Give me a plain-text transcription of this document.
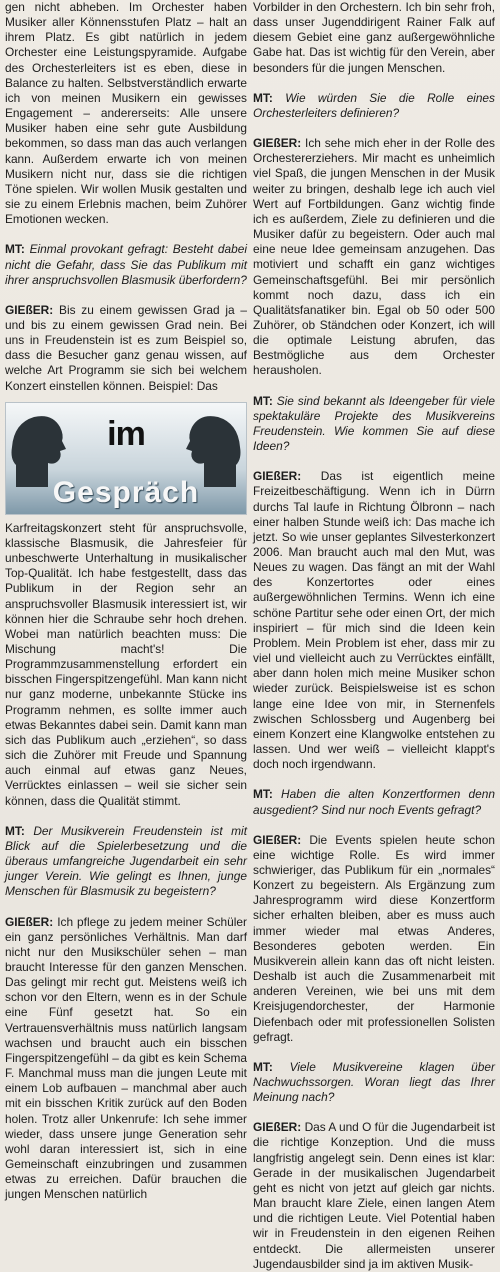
gen nicht abheben. Im Orchester haben Musiker aller Könnensstufen Platz – halt an ihrem Platz. Es gibt natürlich in jedem Orchester eine Leistungspyramide. Aufgabe des Orchesterleiters ist es eben, diese in Balance zu halten. Selbstverständlich erwarte ich von meinen Musikern ein gewisses Engagement – andererseits: Alle unsere Musiker haben eine sehr gute Ausbildung bekommen, so dass man das auch verlangen kann. Außerdem erwarte ich von meinen Musikern nicht nur, dass sie die richtigen Töne spielen. Wir wollen Musik gestalten und sie zu einem Erlebnis machen, beim Zuhörer Emotionen wecken.

MT: Einmal provokant gefragt: Besteht dabei nicht die Gefahr, dass Sie das Publikum mit ihrer anspruchsvollen Blasmusik überfordern?

GIEßER: Bis zu einem gewissen Grad ja – und bis zu einem gewissen Grad nein. Bei uns in Freudenstein ist es zum Beispiel so, dass die Besucher ganz genau wissen, auf welche Art Programm sie sich bei welchem Konzert einstellen können. Beispiel: Das

im
Gespräch

Karfreitagskonzert steht für anspruchsvolle, klassische Blasmusik, die Jahresfeier für unbeschwerte Unterhaltung in musikalischer Top-Qualität. Ich habe festgestellt, dass das Publikum in der Region sehr an anspruchsvoller Blasmusik interessiert ist, wir können hier die Schraube sehr hoch drehen. Wobei man natürlich beachten muss: Die Mischung macht's! Die Programmzusammenstellung erfordert ein bisschen Fingerspitzengefühl. Man kann nicht nur ganz moderne, unbekannte Stücke ins Programm nehmen, es sollte immer auch etwas Bekanntes dabei sein. Damit kann man sich das Publikum auch „erziehen“, so dass sich die Zuhörer mit Freude und Spannung auch einmal auf etwas ganz Neues, Verrücktes einlassen – weil sie sicher sein können, dass die Qualität stimmt.

MT: Der Musikverein Freudenstein ist mit Blick auf die Spielerbesetzung und die überaus umfangreiche Jugendarbeit ein sehr junger Verein. Wie gelingt es Ihnen, junge Menschen für Blasmusik zu begeistern?

GIEßER: Ich pflege zu jedem meiner Schüler ein ganz persönliches Verhältnis. Man darf nicht nur den Musikschüler sehen – man braucht Interesse für den ganzen Menschen. Das gelingt mir recht gut. Meistens weiß ich schon vor den Eltern, wenn es in der Schule eine Fünf gesetzt hat. So ein Vertrauensverhältnis muss natürlich langsam wachsen und braucht auch ein bisschen Fingerspitzengefühl – da gibt es kein Schema F. Manchmal muss man die jungen Leute mit einem Lob aufbauen – manchmal aber auch mit ein bisschen Kritik zurück auf den Boden holen. Trotz aller Unkenrufe: Ich sehe immer wieder, dass unsere junge Generation sehr wohl daran interessiert ist, sich in eine Gemeinschaft einzubringen und zusammen etwas zu erreichen. Dafür brauchen die jungen Menschen natürlich

Vorbilder in den Orchestern. Ich bin sehr froh, dass unser Jugenddirigent Rainer Falk auf diesem Gebiet eine ganz außergewöhnliche Gabe hat. Das ist wichtig für den Verein, aber besonders für die jungen Menschen.

MT: Wie würden Sie die Rolle eines Orchesterleiters definieren?

GIEßER: Ich sehe mich eher in der Rolle des Orchestererziehers. Mir macht es unheimlich viel Spaß, die jungen Menschen in der Musik weiter zu bringen, deshalb lege ich auch viel Wert auf Fortbildungen. Ganz wichtig finde ich es außerdem, Ziele zu definieren und die Musiker dafür zu begeistern. Oder auch mal eine neue Idee gemeinsam anzugehen. Das motiviert und schafft ein ganz wichtiges Gemeinschaftsgefühl. Bei mir persönlich kommt noch dazu, dass ich ein Qualitätsfanatiker bin. Egal ob 50 oder 500 Zuhörer, ob Ständchen oder Konzert, ich will die optimale Leistung abrufen, das Bestmögliche aus dem Orchester herausholen.

MT: Sie sind bekannt als Ideengeber für viele spektakuläre Projekte des Musikvereins Freudenstein. Wie kommen Sie auf diese Ideen?

GIEßER: Das ist eigentlich meine Freizeitbeschäftigung. Wenn ich in Dürrn durchs Tal laufe in Richtung Ölbronn – nach einer halben Stunde weiß ich: Das mache ich jetzt. So wie unser geplantes Silvesterkonzert 2006. Man braucht auch mal den Mut, was Neues zu wagen. Das fängt an mit der Wahl des Konzertortes oder eines außergewöhnlichen Termins. Wenn ich eine schöne Partitur sehe oder einen Ort, der mich inspiriert – für mich sind die Ideen kein Problem. Mein Problem ist eher, dass mir zu viel und vielleicht auch zu Verrücktes einfällt, aber dann holen mich meine Musiker schon wieder zurück. Beispielsweise ist es schon lange eine Idee von mir, in Sternenfels zwischen Schlossberg und Augenberg bei einem Konzert eine Klangwolke entstehen zu lassen. Und wer weiß – vielleicht klappt's doch noch irgendwann.

MT: Haben die alten Konzertformen denn ausgedient? Sind nur noch Events gefragt?

GIEßER: Die Events spielen heute schon eine wichtige Rolle. Es wird immer schwieriger, das Publikum für ein „normales“ Konzert zu begeistern. Als Ergänzung zum Jahresprogramm wird diese Konzertform sicher erhalten bleiben, aber es muss auch immer wieder mal etwas Anderes, Besonderes geboten werden. Ein Musikverein allein kann das oft nicht leisten. Deshalb ist auch die Zusammenarbeit mit anderen Vereinen, wie bei uns mit dem Kreisjugendorchester, der Harmonie Diefenbach oder mit professionellen Solisten gefragt.

MT: Viele Musikvereine klagen über Nachwuchssorgen. Woran liegt das Ihrer Meinung nach?

GIEßER: Das A und O für die Jugendarbeit ist die richtige Konzeption. Und die muss langfristig angelegt sein. Denn eines ist klar: Gerade in der musikalischen Jugendarbeit geht es nicht von jetzt auf gleich gar nichts. Man braucht klare Ziele, einen langen Atem und die richtigen Leute. Viel Potential haben wir in Freudenstein in den eigenen Reihen entdeckt. Die allermeisten unserer Jugendausbilder sind ja im aktiven Musik-
